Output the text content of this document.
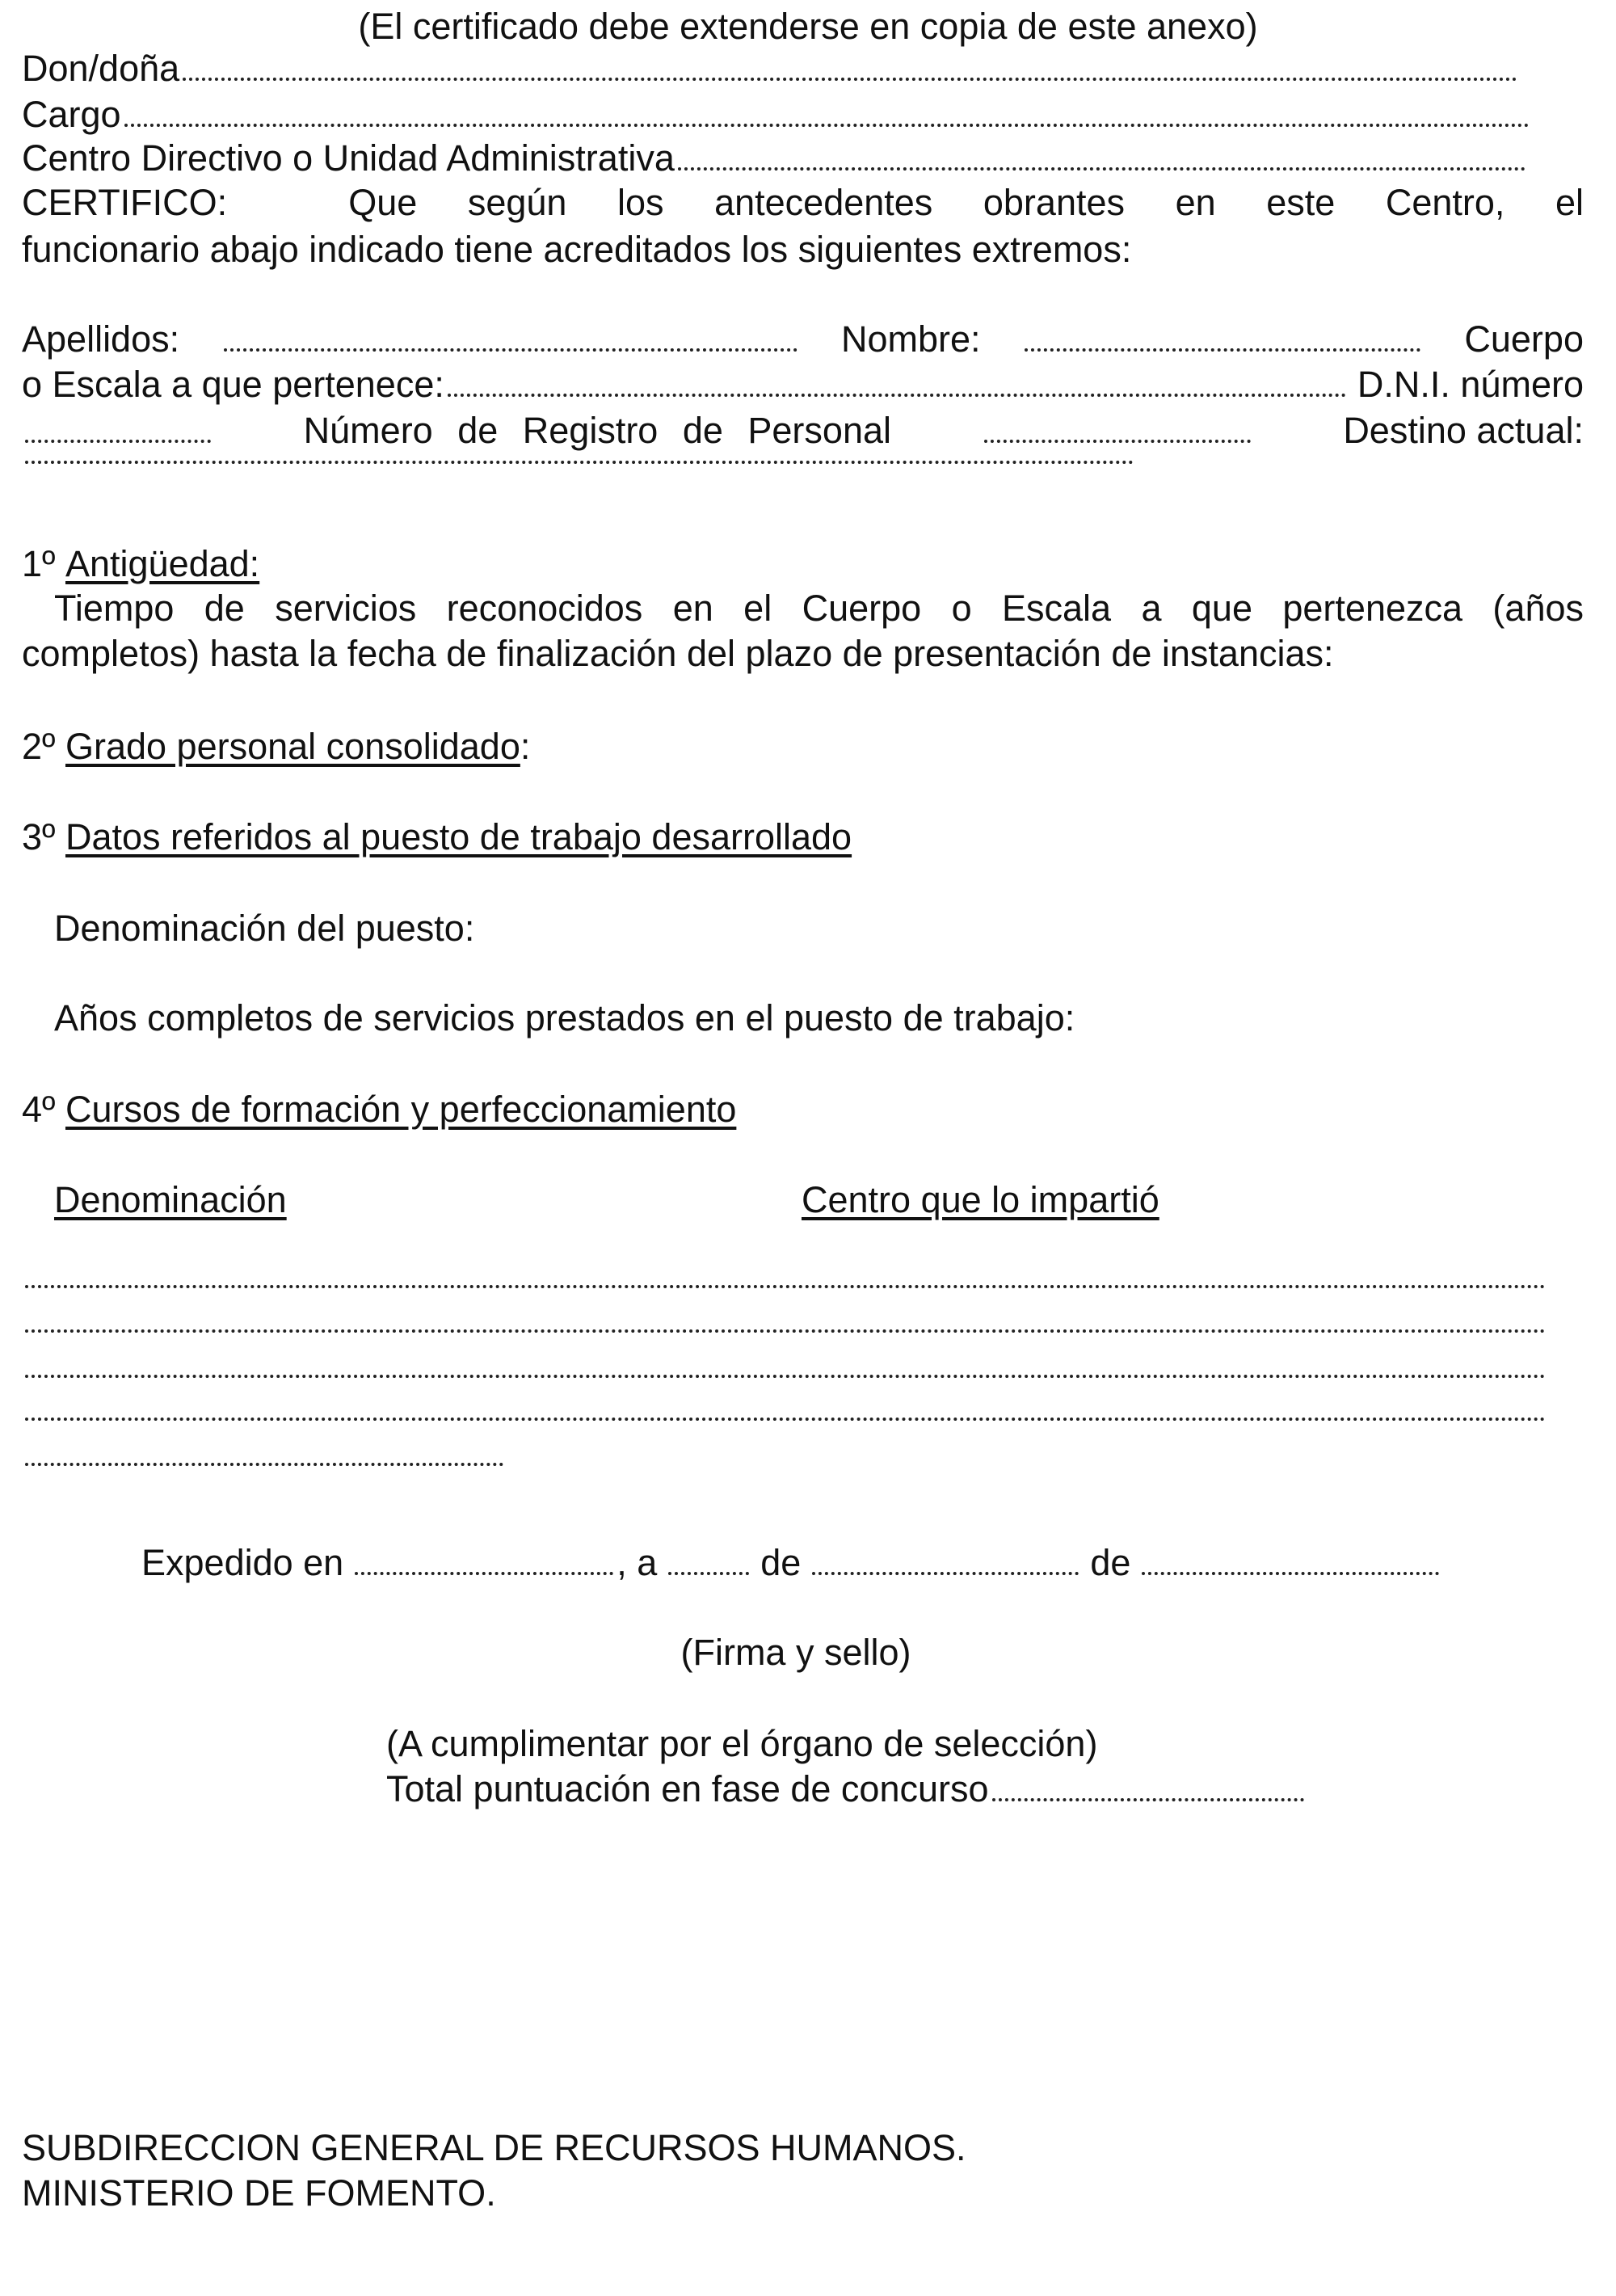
(El certificado debe extenderse en copia de este anexo)
Don/doña
Cargo
Centro Directivo o Unidad Administrativa
CERTIFICO:	Que según los antecedentes obrantes en este Centro, el
funcionario abajo indicado tiene acreditados los siguientes extremos:
Apellidos:	Nombre:	Cuerpo
o Escala a que pertenece:	D.N.I. número
Número de Registro de Personal	Destino actual:
1º
Antigüedad:
Tiempo de servicios reconocidos en el Cuerpo o Escala a que pertenezca (años
completos) hasta la fecha de finalización del plazo de presentación de instancias:
2º
Grado personal consolidado :
3º
Datos referidos al puesto de trabajo desarrollado
Denominación del puesto:
Años completos de servicios prestados en el puesto de trabajo:
4º
Cursos de formación y perfeccionamiento
Denominación	Centro que lo impartió
Expedido en	, a	de	de
(Firma y sello)
(A cumplimentar por el órgano de selección)
Total puntuación en fase de concurso
SUBDIRECCION GENERAL DE RECURSOS HUMANOS.
MINISTERIO DE FOMENTO.
